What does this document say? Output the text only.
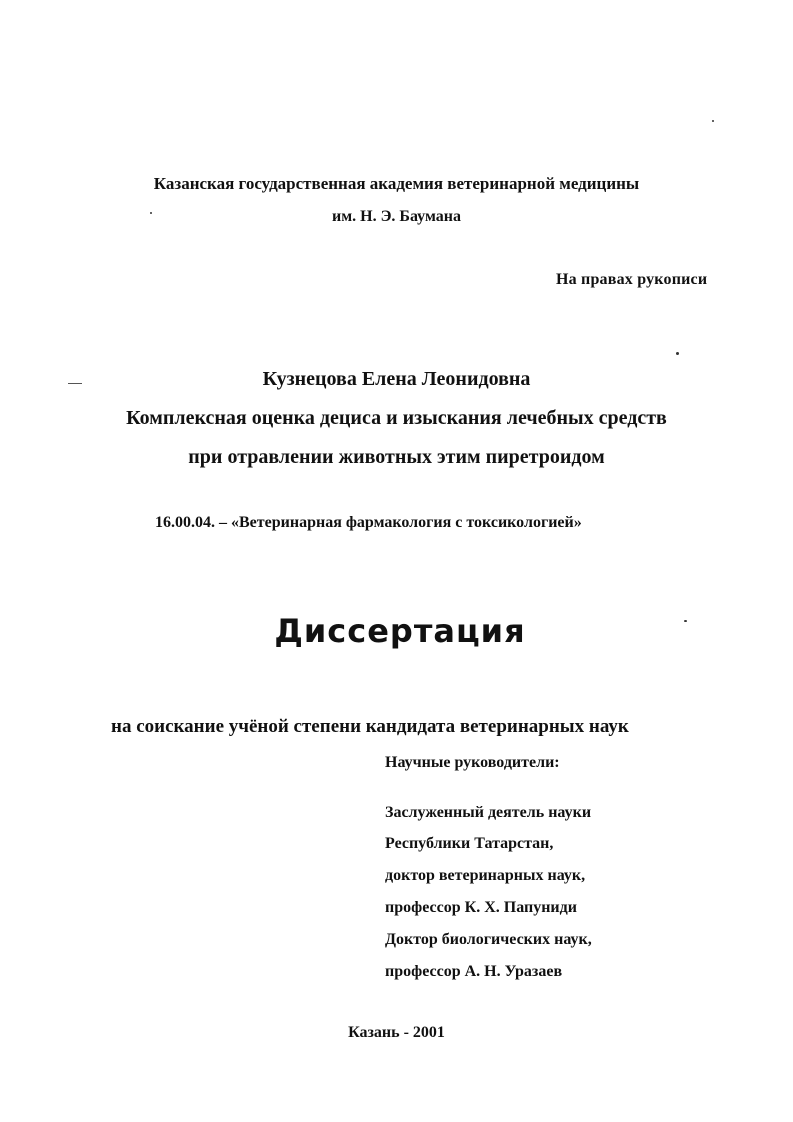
Казанская государственная академия ветеринарной медицины
им. Н. Э. Баумана
На правах рукописи
Кузнецова Елена Леонидовна
Комплексная оценка дециса и изыскания лечебных средств
при отравлении животных этим пиретроидом
16.00.04. – «Ветеринарная фармакология с токсикологией»
Диссертация
на соискание учёной степени кандидата ветеринарных наук
Научные руководители:
Заслуженный деятель науки
Республики Татарстан,
доктор ветеринарных наук,
профессор К. Х. Папуниди
Доктор биологических наук,
профессор А. Н. Уразаев
Казань - 2001
